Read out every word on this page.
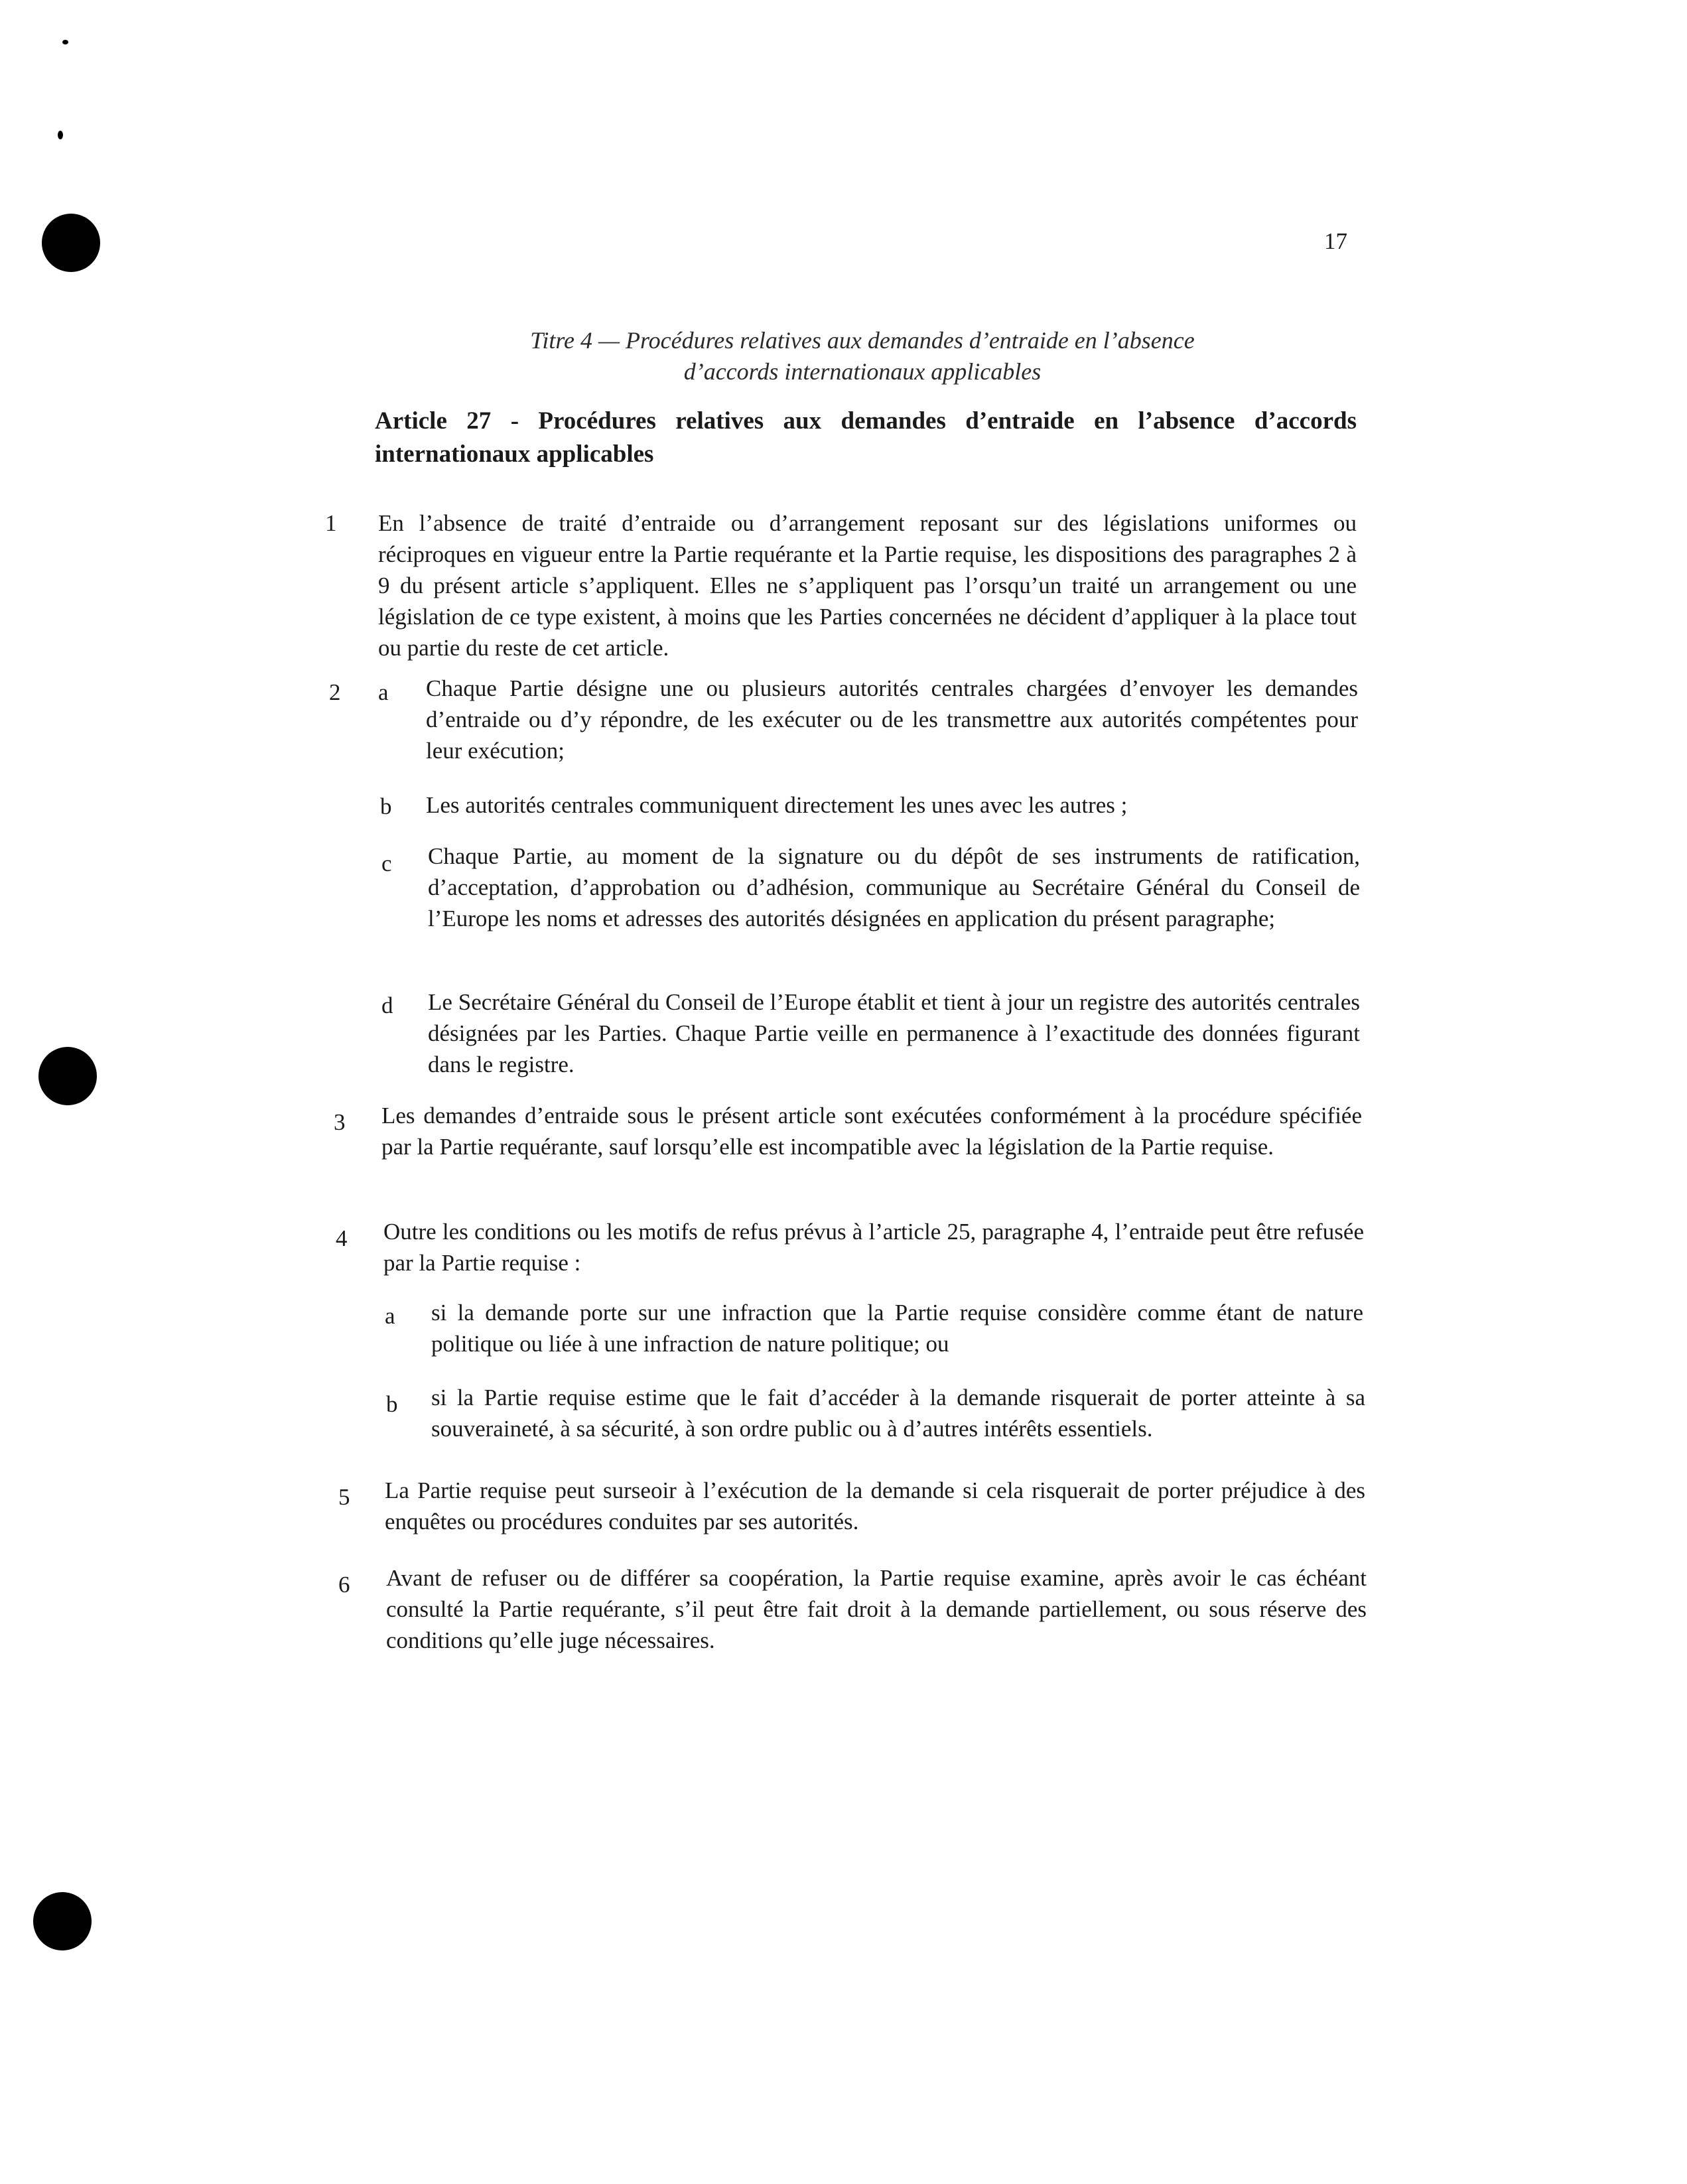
17
Titre 4 — Procédures relatives aux demandes d’entraide en l’absence
d’accords internationaux applicables
Article 27 - Procédures relatives aux demandes d’entraide en l’absence d’accords internationaux applicables
1 En l’absence de traité d’entraide ou d’arrangement reposant sur des législations uniformes ou réciproques en vigueur entre la Partie requérante et la Partie requise, les dispositions des paragraphes 2 à 9 du présent article s’appliquent. Elles ne s’appliquent pas l’orsqu’un traité un arrangement ou une législation de ce type existent, à moins que les Parties concernées ne décident d’appliquer à la place tout ou partie du reste de cet article.
2 a Chaque Partie désigne une ou plusieurs autorités centrales chargées d’envoyer les demandes d’entraide ou d’y répondre, de les exécuter ou de les transmettre aux autorités compétentes pour leur exécution;
b Les autorités centrales communiquent directement les unes avec les autres ;
c Chaque Partie, au moment de la signature ou du dépôt de ses instruments de ratification, d’acceptation, d’approbation ou d’adhésion, communique au Secrétaire Général du Conseil de l’Europe les noms et adresses des autorités désignées en application du présent paragraphe;
d Le Secrétaire Général du Conseil de l’Europe établit et tient à jour un registre des autorités centrales désignées par les Parties. Chaque Partie veille en permanence à l’exactitude des données figurant dans le registre.
3 Les demandes d’entraide sous le présent article sont exécutées conformément à la procédure spécifiée par la Partie requérante, sauf lorsqu’elle est incompatible avec la législation de la Partie requise.
4 Outre les conditions ou les motifs de refus prévus à l’article 25, paragraphe 4, l’entraide peut être refusée par la Partie requise :
a si la demande porte sur une infraction que la Partie requise considère comme étant de nature politique ou liée à une infraction de nature politique; ou
b si la Partie requise estime que le fait d’accéder à la demande risquerait de porter atteinte à sa souveraineté, à sa sécurité, à son ordre public ou à d’autres intérêts essentiels.
5 La Partie requise peut surseoir à l’exécution de la demande si cela risquerait de porter préjudice à des enquêtes ou procédures conduites par ses autorités.
6 Avant de refuser ou de différer sa coopération, la Partie requise examine, après avoir le cas échéant consulté la Partie requérante, s’il peut être fait droit à la demande partiellement, ou sous réserve des conditions qu’elle juge nécessaires.
